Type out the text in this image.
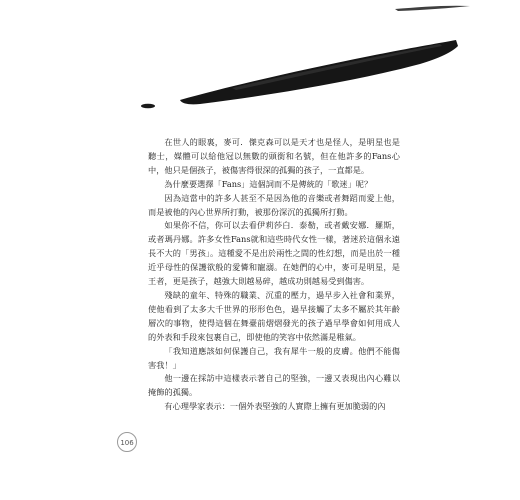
在世人的眼裏，麥可．傑克森可以是天才也是怪人，是明星也是聽士，媒體可以給他冠以無數的頭銜和名號，但在他許多的Fans心中，他只是個孩子，被傷害得很深的孤獨的孩子，一直都是。

為什麼要選擇「Fans」這個詞而不是傳統的「歌迷」呢？

因為這當中的許多人甚至不是因為他的音樂或者舞蹈而愛上他，而是被他的內心世界所打動，被那份深沉的孤獨所打動。

如果你不信，你可以去看伊莉莎白．泰勒，或者戴安娜．羅斯，或者瑪丹娜。許多女性Fans就和這些時代女性一樣，著迷於這個永遠長不大的「男孩」。這種愛不是出於兩性之間的性幻想，而是出於一種近乎母性的保護欲般的愛憐和寵溺。在她們的心中，麥可是明星，是王者，更是孩子，越強大則越易碎，越成功則越易受到傷害。

殘缺的童年、特殊的職業、沉重的壓力，過早步入社會和業界，使他看到了太多大千世界的形形色色，過早接觸了太多不屬於其年齡層次的事物，使得這個在舞臺前熠熠發光的孩子過早學會如何用成人的外表和手段來包裹自己，即使他的笑容中依然滿是稚氣。

「我知道應該如何保護自己，我有犀牛一般的皮膚。他們不能傷害我！」

他一邊在採訪中這樣表示著自己的堅強，一邊又表現出內心難以掩飾的孤獨。

有心理學家表示：一個外表堅強的人實際上擁有更加脆弱的內

106
